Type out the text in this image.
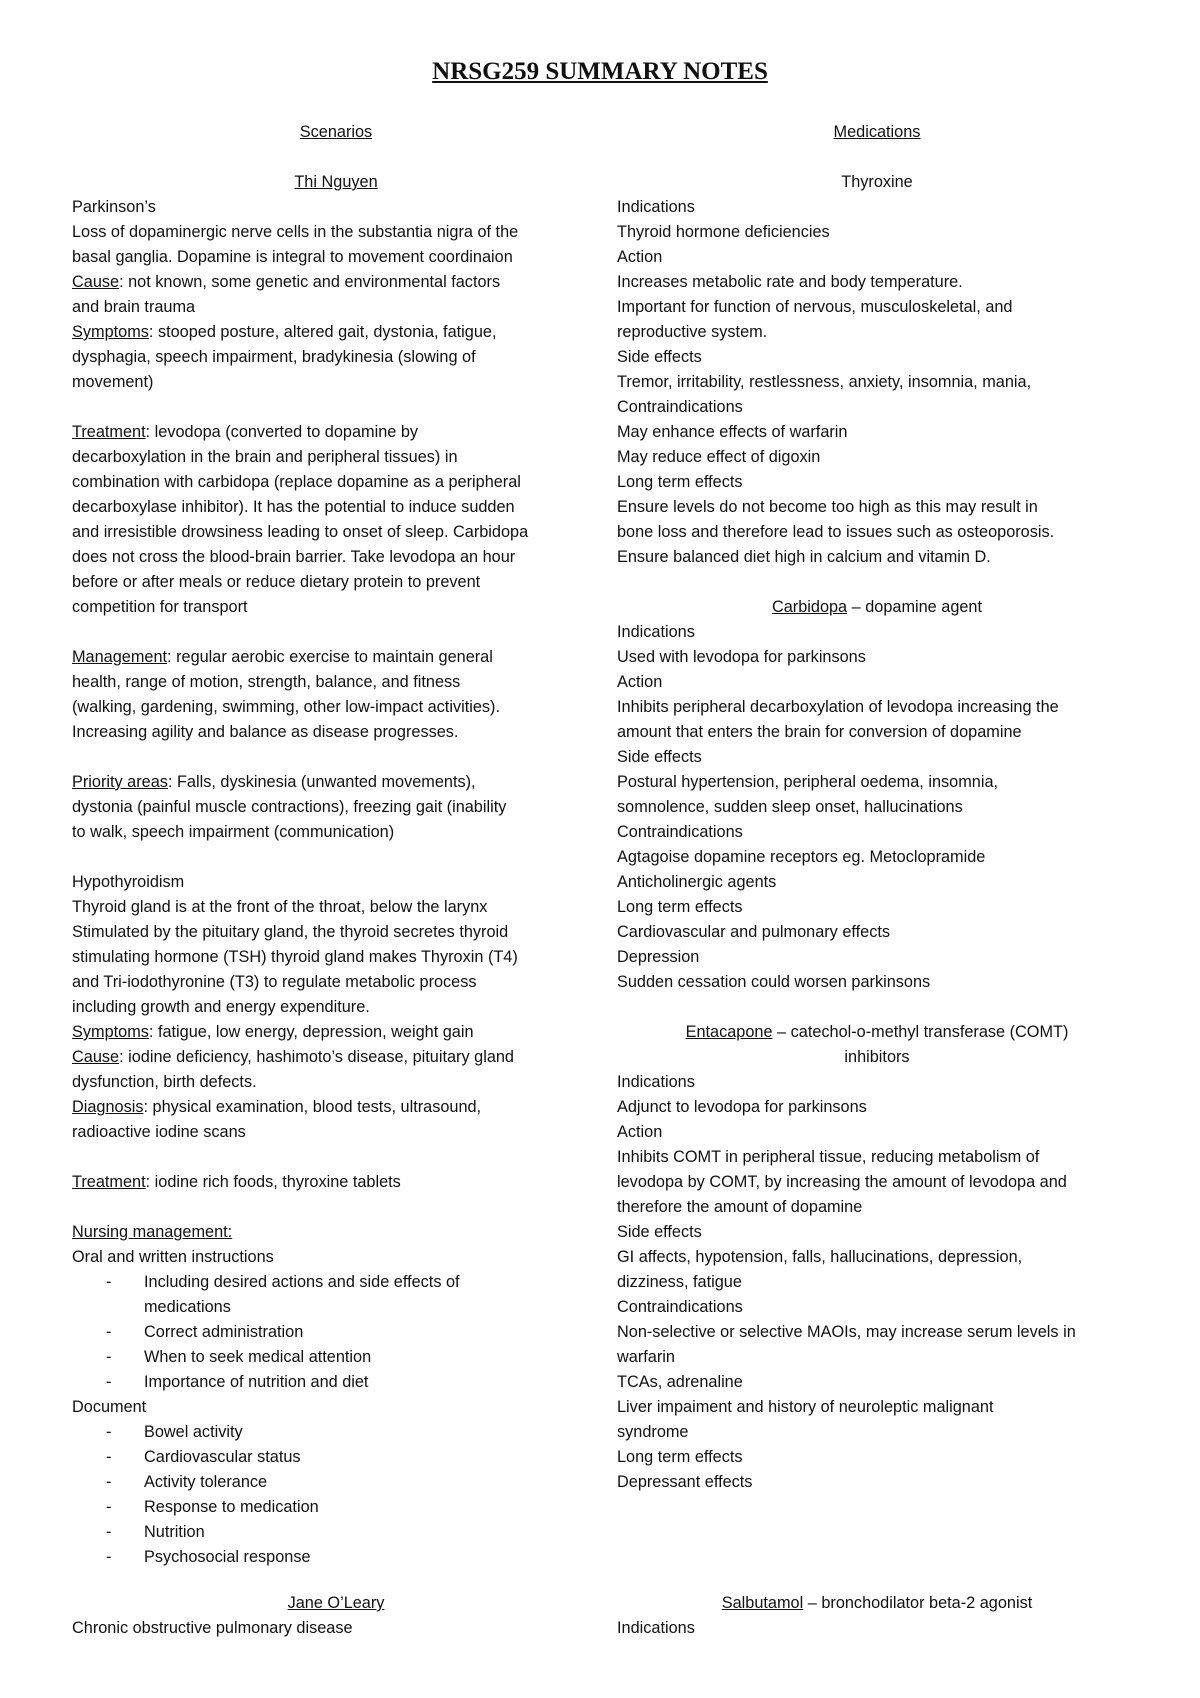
NRSG259 SUMMARY NOTES
Scenarios
Thi Nguyen
Parkinson’s
Loss of dopaminergic nerve cells in the substantia nigra of the
basal ganglia. Dopamine is integral to movement coordinaion
Cause: not known, some genetic and environmental factors
and brain trauma
Symptoms: stooped posture, altered gait, dystonia, fatigue,
dysphagia, speech impairment, bradykinesia (slowing of
movement)
Treatment: levodopa (converted to dopamine by
decarboxylation in the brain and peripheral tissues) in
combination with carbidopa (replace dopamine as a peripheral
decarboxylase inhibitor). It has the potential to induce sudden
and irresistible drowsiness leading to onset of sleep. Carbidopa
does not cross the blood-brain barrier. Take levodopa an hour
before or after meals or reduce dietary protein to prevent
competition for transport
Management: regular aerobic exercise to maintain general
health, range of motion, strength, balance, and fitness
(walking, gardening, swimming, other low-impact activities).
Increasing agility and balance as disease progresses.
Priority areas: Falls, dyskinesia (unwanted movements),
dystonia (painful muscle contractions), freezing gait (inability
to walk, speech impairment (communication)
Hypothyroidism
Thyroid gland is at the front of the throat, below the larynx
Stimulated by the pituitary gland, the thyroid secretes thyroid
stimulating hormone (TSH) thyroid gland makes Thyroxin (T4)
and Tri-iodothyronine (T3) to regulate metabolic process
including growth and energy expenditure.
Symptoms: fatigue, low energy, depression, weight gain
Cause: iodine deficiency, hashimoto’s disease, pituitary gland
dysfunction, birth defects.
Diagnosis: physical examination, blood tests, ultrasound,
radioactive iodine scans
Treatment: iodine rich foods, thyroxine tablets
Nursing management:
Oral and written instructions
- Including desired actions and side effects of
medications
- Correct administration
- When to seek medical attention
- Importance of nutrition and diet
Document
- Bowel activity
- Cardiovascular status
- Activity tolerance
- Response to medication
- Nutrition
- Psychosocial response
Jane O’Leary
Chronic obstructive pulmonary disease
Medications
Thyroxine
Indications
Thyroid hormone deficiencies
Action
Increases metabolic rate and body temperature.
Important for function of nervous, musculoskeletal, and
reproductive system.
Side effects
Tremor, irritability, restlessness, anxiety, insomnia, mania,
Contraindications
May enhance effects of warfarin
May reduce effect of digoxin
Long term effects
Ensure levels do not become too high as this may result in
bone loss and therefore lead to issues such as osteoporosis.
Ensure balanced diet high in calcium and vitamin D.
Carbidopa – dopamine agent
Indications
Used with levodopa for parkinsons
Action
Inhibits peripheral decarboxylation of levodopa increasing the
amount that enters the brain for conversion of dopamine
Side effects
Postural hypertension, peripheral oedema, insomnia,
somnolence, sudden sleep onset, hallucinations
Contraindications
Agtagoise dopamine receptors eg. Metoclopramide
Anticholinergic agents
Long term effects
Cardiovascular and pulmonary effects
Depression
Sudden cessation could worsen parkinsons
Entacapone – catechol-o-methyl transferase (COMT)
inhibitors
Indications
Adjunct to levodopa for parkinsons
Action
Inhibits COMT in peripheral tissue, reducing metabolism of
levodopa by COMT, by increasing the amount of levodopa and
therefore the amount of dopamine
Side effects
GI affects, hypotension, falls, hallucinations, depression,
dizziness, fatigue
Contraindications
Non-selective or selective MAOIs, may increase serum levels in
warfarin
TCAs, adrenaline
Liver impaiment and history of neuroleptic malignant
syndrome
Long term effects
Depressant effects
Salbutamol – bronchodilator beta-2 agonist
Indications
